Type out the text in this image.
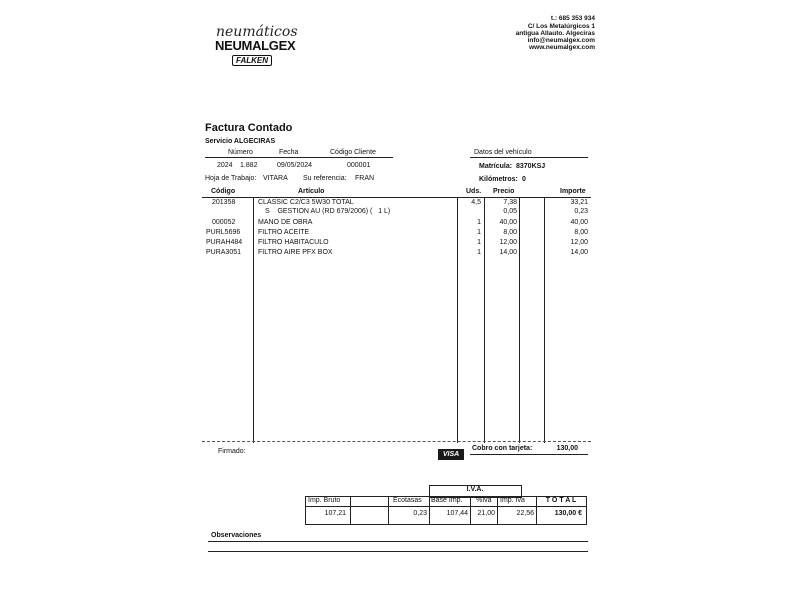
neumáticos
NEUMALGEX
FALKEN
t.: 685 353 934
C/ Los Metalúrgicos 1
antigua Allauto. Algeciras
info@neumalgex.com
www.neumalgex.com
Factura Contado
Servicio ALGECIRAS
Número	Fecha	Código Cliente
2024 1.882	09/05/2024	000001
Hoja de Trabajo: VITARA Su referencia: FRAN
Datos del vehículo
Matrícula: 8370KSJ
Kilómetros: 0
Código	Artículo	Uds. Precio	Importe
201358	CLASSIC C2/C3 5W30 TOTAL	4,5	7,38	33,21
S    GESTION AU (RD 679/2006) (   1 L)	0,05	0,23
000052	MANO DE OBRA	1	40,00	40,00
PURL5696	FILTRO ACEITE	1	8,00	8,00
PURAH484 FILTRO HABITACULO	1	12,00	12,00
PURA3051 FILTRO AIRE PFX BOX	1	14,00	14,00
Firmado:	VISA
Cobro con tarjeta:	130,00
I.V.A.
Imp. Bruto	Ecotasas Base Imp. %Iva Imp. Iva	T O T A L
107,21	0,23	107,44	21,00	22,56	130,00 €
Observaciones
